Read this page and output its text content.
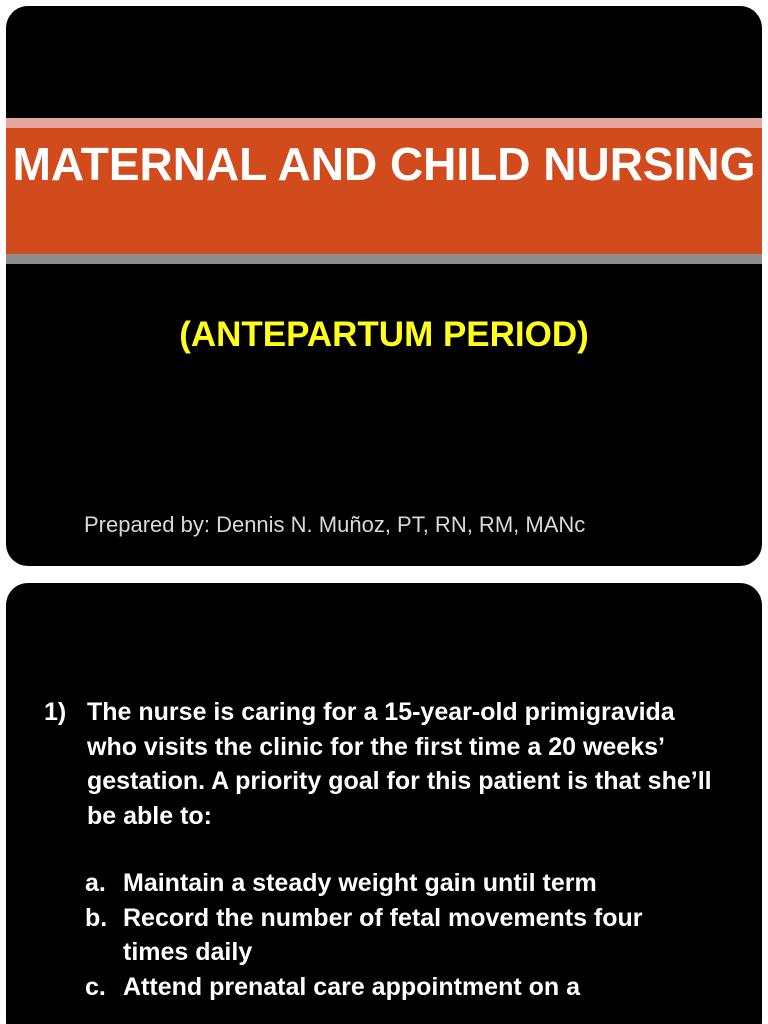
MATERNAL AND CHILD NURSING
(ANTEPARTUM PERIOD)

Prepared by: Dennis N. Muñoz, PT, RN, RM, MANc

1) The nurse is caring for a 15-year-old primigravida who visits the clinic for the first time a 20 weeks’ gestation. A priority goal for this patient is that she’ll be able to:
a. Maintain a steady weight gain until term
b. Record the number of fetal movements four   times daily
c. Attend prenatal care appointment on a
